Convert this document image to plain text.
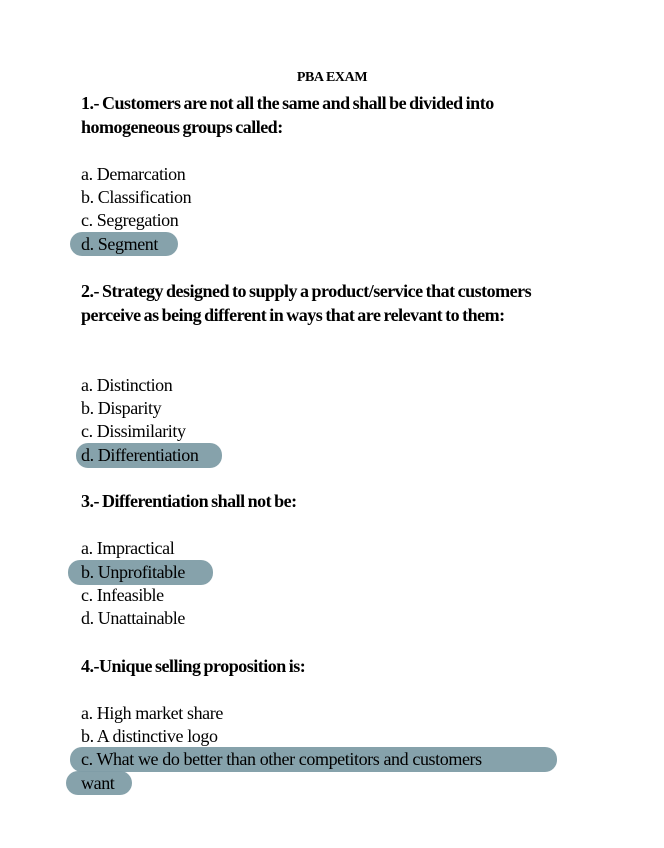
PBA EXAM
1.- Customers are not all the same and shall be divided into homogeneous groups called:
a. Demarcation
b. Classification
c. Segregation
d. Segment
2.- Strategy designed to supply a product/service that customers perceive as being different in ways that are relevant to them:
a. Distinction
b. Disparity
c. Dissimilarity
d. Differentiation
3.- Differentiation shall not be:
a. Impractical
b. Unprofitable
c. Infeasible
d. Unattainable
4.-Unique selling proposition is:
a. High market share
b. A distinctive logo
c. What we do better than other competitors and customers
want
